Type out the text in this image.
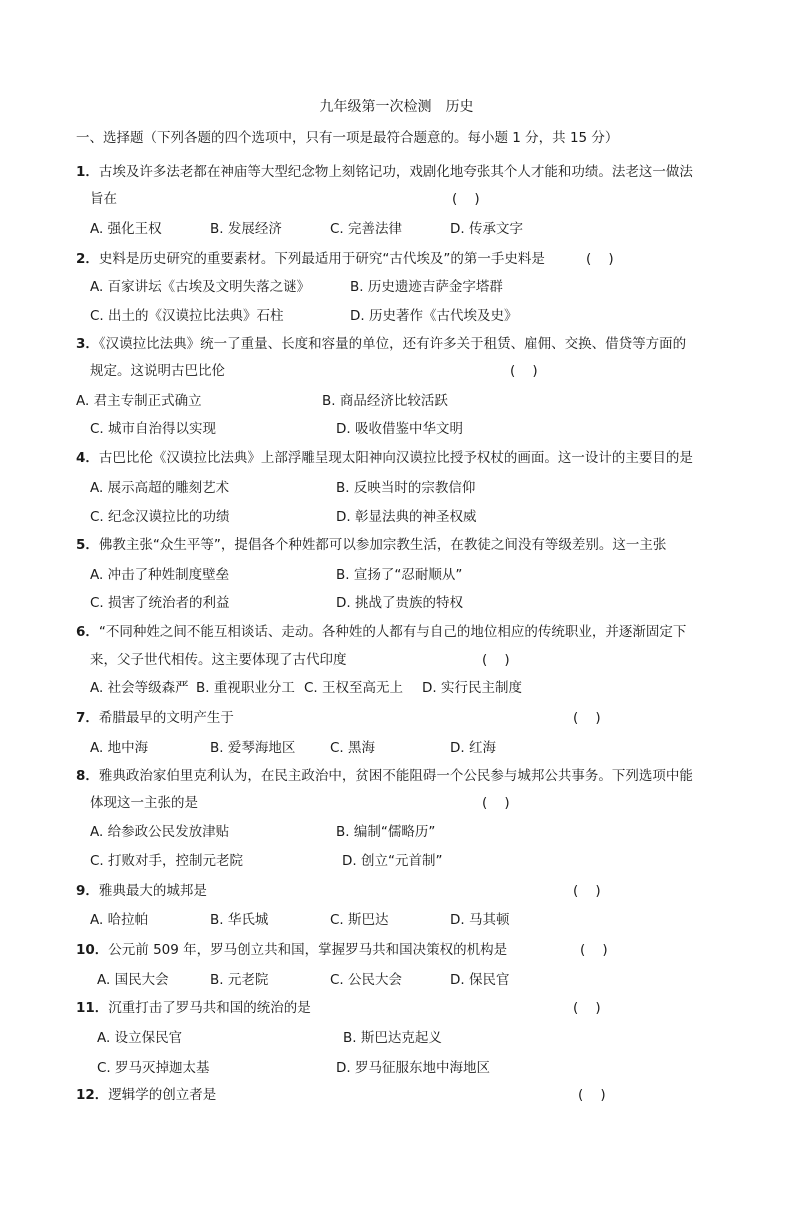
九年级第一次检测　历史
一、选择题（下列各题的四个选项中，只有一项是最符合题意的。每小题 1 分，共 15 分）
1．古埃及许多法老都在神庙等大型纪念物上刻铭记功，戏剧化地夸张其个人才能和功绩。法老这一做法
旨在	(    )
A. 强化王权	B. 发展经济	C. 完善法律	D. 传承文字
2．史料是历史研究的重要素材。下列最适用于研究“古代埃及”的第一手史料是	(    )
A. 百家讲坛《古埃及文明失落之谜》	B. 历史遗迹吉萨金字塔群
C. 出土的《汉谟拉比法典》石柱	D. 历史著作《古代埃及史》
3．《汉谟拉比法典》统一了重量、长度和容量的单位，还有许多关于租赁、雇佣、交换、借贷等方面的
规定。这说明古巴比伦	(    )
A. 君主专制正式确立	B. 商品经济比较活跃
C. 城市自治得以实现	D. 吸收借鉴中华文明
4．古巴比伦《汉谟拉比法典》上部浮雕呈现太阳神向汉谟拉比授予权杖的画面。这一设计的主要目的是
A. 展示高超的雕刻艺术	B. 反映当时的宗教信仰
C. 纪念汉谟拉比的功绩	D. 彰显法典的神圣权威
5．佛教主张“众生平等”，提倡各个种姓都可以参加宗教生活，在教徒之间没有等级差别。这一主张
A. 冲击了种姓制度壁垒	B. 宣扬了“忍耐顺从”
C. 损害了统治者的利益	D. 挑战了贵族的特权
6．“不同种姓之间不能互相谈话、走动。各种姓的人都有与自己的地位相应的传统职业，并逐渐固定下
来，父子世代相传。这主要体现了古代印度	(    )
A. 社会等级森严 B. 重视职业分工 C. 王权至高无上 D. 实行民主制度
7．希腊最早的文明产生于	(    )
A. 地中海	B. 爱琴海地区	C. 黑海	D. 红海
8．雅典政治家伯里克利认为，在民主政治中，贫困不能阻碍一个公民参与城邦公共事务。下列选项中能
体现这一主张的是	(    )
A. 给参政公民发放津贴	B. 编制“儒略历”
C. 打败对手，控制元老院	D. 创立“元首制”
9．雅典最大的城邦是	(    )
A. 哈拉帕	B. 华氏城	C. 斯巴达	D. 马其顿
10．公元前 509 年，罗马创立共和国，掌握罗马共和国决策权的机构是	(    )
A. 国民大会	B. 元老院	C. 公民大会	D. 保民官
11．沉重打击了罗马共和国的统治的是	(    )
A. 设立保民官	B. 斯巴达克起义
C. 罗马灭掉迦太基	D. 罗马征服东地中海地区
12．逻辑学的创立者是	(    )
